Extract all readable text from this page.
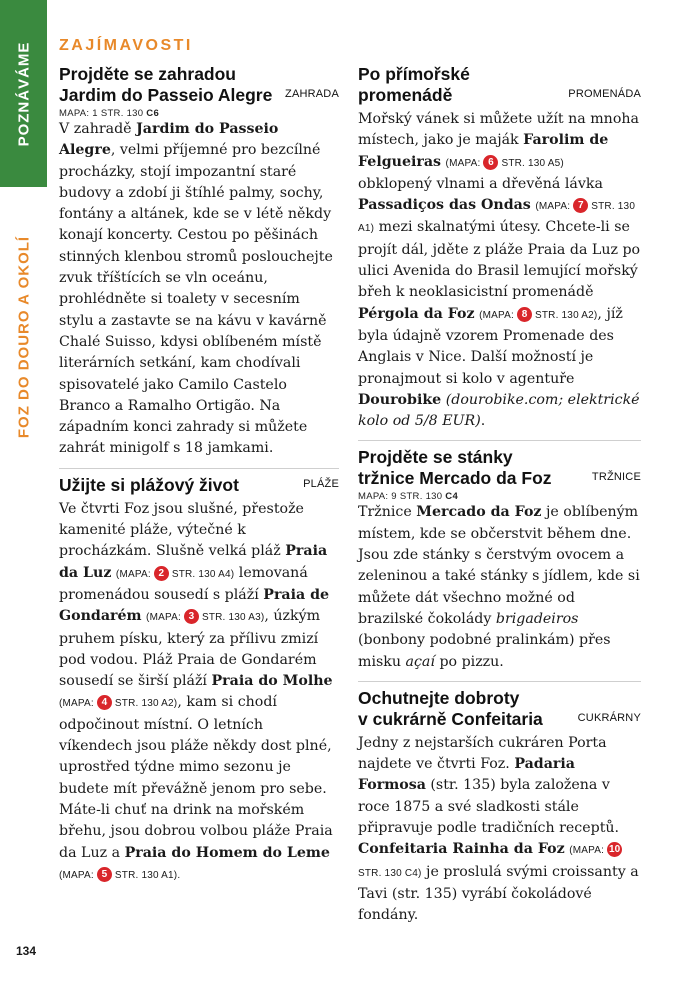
POZNÁVÁME
FOZ DO DOURO A OKOLÍ
ZAJÍMAVOSTI
Projděte se zahradou
Jardim do Passeio Alegre ZAHRADA

MAPA: 1 STR. 130 C6

V zahradě Jardim do Passeio Alegre, velmi příjemné pro bezcílné procházky, stojí impozantní staré budovy a zdobí ji štíhlé palmy, sochy, fontány a altánek, kde se v létě někdy konají koncerty. Cestou po pěšinách stinných klenbou stromů poslouchejte zvuk tříštících se vln oceánu, prohlédněte si toalety v secesním stylu a zastavte se na kávu v kavárně Chalé Suisso, kdysi oblíbeném místě literárních setkání, kam chodívali spisovatelé jako Camilo Castelo Branco a Ramalho Ortigão. Na západním konci zahrady si můžete zahrát minigolf s 18 jamkami.

Užijte si plážový život	PLÁŽE

Ve čtvrti Foz jsou slušné, přestože kamenité pláže, výtečné k procházkám. Slušně velká pláž Praia da Luz (MAPA: 2 STR. 130 A4) lemovaná promenádou sousedí s pláží Praia de Gondarém (MAPA: 3 STR. 130 A3), úzkým pruhem písku, který za přílivu zmizí pod vodou. Pláž Praia de Gondarém sousedí se širší pláží Praia do Molhe (MAPA: 4 STR. 130 A2), kam si chodí odpočinout místní. O letních víkendech jsou pláže někdy dost plné, uprostřed týdne mimo sezonu je budete mít převážně jenom pro sebe. Máte-li chuť na drink na mořském břehu, jsou dobrou volbou pláže Praia da Luz a Praia do Homem do Leme (MAPA: 5 STR. 130 A1).

Po přímořské
promenádě	PROMENÁDA

Mořský vánek si můžete užít na mnoha místech, jako je maják Farolim de Felgueiras (MAPA: 6 STR. 130 A5) obklopený vlnami a dřevěná lávka Passadiços das Ondas (MAPA: 7 STR. 130 A1) mezi skalnatými útesy. Chcete-li se projít dál, jděte z pláže Praia da Luz po ulici Avenida do Brasil lemující mořský břeh k neoklasicistní promenádě Pérgola da Foz (MAPA: 8 STR. 130 A2), jíž byla údajně vzorem Promenade des Anglais v Nice. Další možností je pronajmout si kolo v agentuře Dourobike (dourobike.com; elektrické kolo od 5/8 EUR).

Projděte se stánky
tržnice Mercado da Foz	TRŽNICE

MAPA: 9 STR. 130 C4

Tržnice Mercado da Foz je oblíbeným místem, kde se občerstvit během dne. Jsou zde stánky s čerstvým ovocem a zeleninou a také stánky s jídlem, kde si můžete dát všechno možné od brazilské čokolády brigadeiros (bonbony podobné pralinkám) přes misku açaí po pizzu.

Ochutnejte dobroty
v cukrárně Confeitaria	CUKRÁRNY

Jedny z nejstarších cukráren Porta najdete ve čtvrti Foz. Padaria Formosa (str. 135) byla založena v roce 1875 a své sladkosti stále připravuje podle tradičních receptů. Confeitaria Rainha da Foz (MAPA: 10STR. 130 C4) je proslulá svými croissanty a Tavi (str. 135) vyrábí čokoládové fondány.

134
